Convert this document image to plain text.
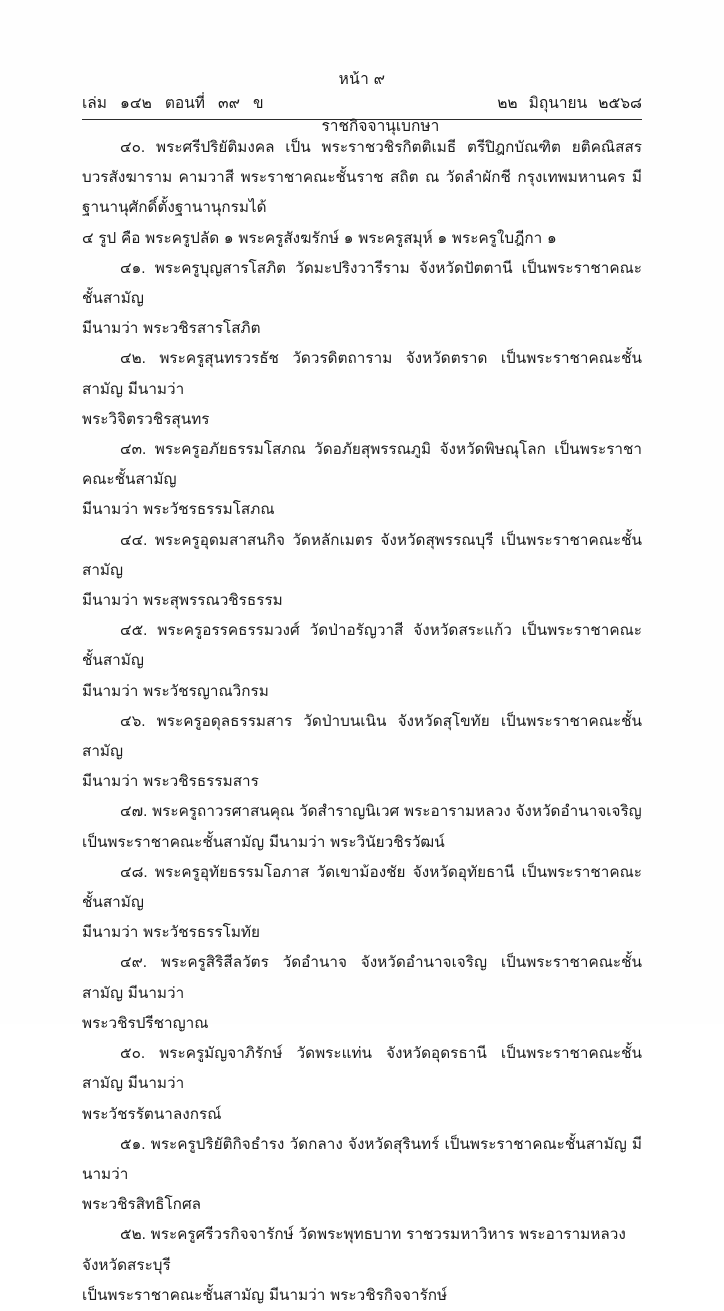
หน้า ๙
เล่ม ๑๔๒ ตอนที่ ๓๙ ข

ราชกิจจานุเบกษา

๒๒ มิถุนายน ๒๕๖๘

๔๐. พระศรีปริยัติมงคล เป็น พระราชวชิรกิตติเมธี ตรีปิฎกบัณฑิต ยติคณิสสร บวรสังฆาราม คามวาสี พระราชาคณะชั้นราช สถิต ณ วัดลำผักชี กรุงเทพมหานคร มีฐานานุศักดิ์ตั้งฐานานุกรมได้
๔ รูป คือ พระครูปลัด ๑ พระครูสังฆรักษ์ ๑ พระครูสมุห์ ๑ พระครูใบฎีกา ๑

๔๑. พระครูบุญสารโสภิต วัดมะปริงวารีราม จังหวัดปัตตานี เป็นพระราชาคณะชั้นสามัญ
มีนามว่า พระวชิรสารโสภิต

๔๒. พระครูสุนทรวรธัช วัดวรดิตถาราม จังหวัดตราด เป็นพระราชาคณะชั้นสามัญ มีนามว่า
พระวิจิตรวชิรสุนทร

๔๓. พระครูอภัยธรรมโสภณ วัดอภัยสุพรรณภูมิ จังหวัดพิษณุโลก เป็นพระราชาคณะชั้นสามัญ
มีนามว่า พระวัชรธรรมโสภณ

๔๔. พระครูอุดมสาสนกิจ วัดหลักเมตร จังหวัดสุพรรณบุรี เป็นพระราชาคณะชั้นสามัญ
มีนามว่า พระสุพรรณวชิรธรรม

๔๕. พระครูอรรคธรรมวงศ์ วัดป่าอรัญวาสี จังหวัดสระแก้ว เป็นพระราชาคณะชั้นสามัญ
มีนามว่า พระวัชรญาณวิกรม

๔๖. พระครูอดุลธรรมสาร วัดป่าบนเนิน จังหวัดสุโขทัย เป็นพระราชาคณะชั้นสามัญ
มีนามว่า พระวชิรธรรมสาร

๔๗. พระครูถาวรศาสนคุณ วัดสำราญนิเวศ พระอารามหลวง จังหวัดอำนาจเจริญ
เป็นพระราชาคณะชั้นสามัญ มีนามว่า พระวินัยวชิรวัฒน์

๔๘. พระครูอุทัยธรรมโอภาส วัดเขาม้องชัย จังหวัดอุทัยธานี เป็นพระราชาคณะชั้นสามัญ
มีนามว่า พระวัชรธรรโมทัย

๔๙. พระครูสิริสีลวัตร วัดอำนาจ จังหวัดอำนาจเจริญ เป็นพระราชาคณะชั้นสามัญ มีนามว่า
พระวชิรปรีชาญาณ

๕๐. พระครูมัญจาภิรักษ์ วัดพระแท่น จังหวัดอุดรธานี เป็นพระราชาคณะชั้นสามัญ มีนามว่า
พระวัชรรัตนาลงกรณ์

๕๑. พระครูปริยัติกิจธำรง วัดกลาง จังหวัดสุรินทร์ เป็นพระราชาคณะชั้นสามัญ มีนามว่า
พระวชิรสิทธิโกศล

๕๒. พระครูศรีวรกิจจารักษ์ วัดพระพุทธบาท ราชวรมหาวิหาร พระอารามหลวง จังหวัดสระบุรี
เป็นพระราชาคณะชั้นสามัญ มีนามว่า พระวชิรกิจจารักษ์
